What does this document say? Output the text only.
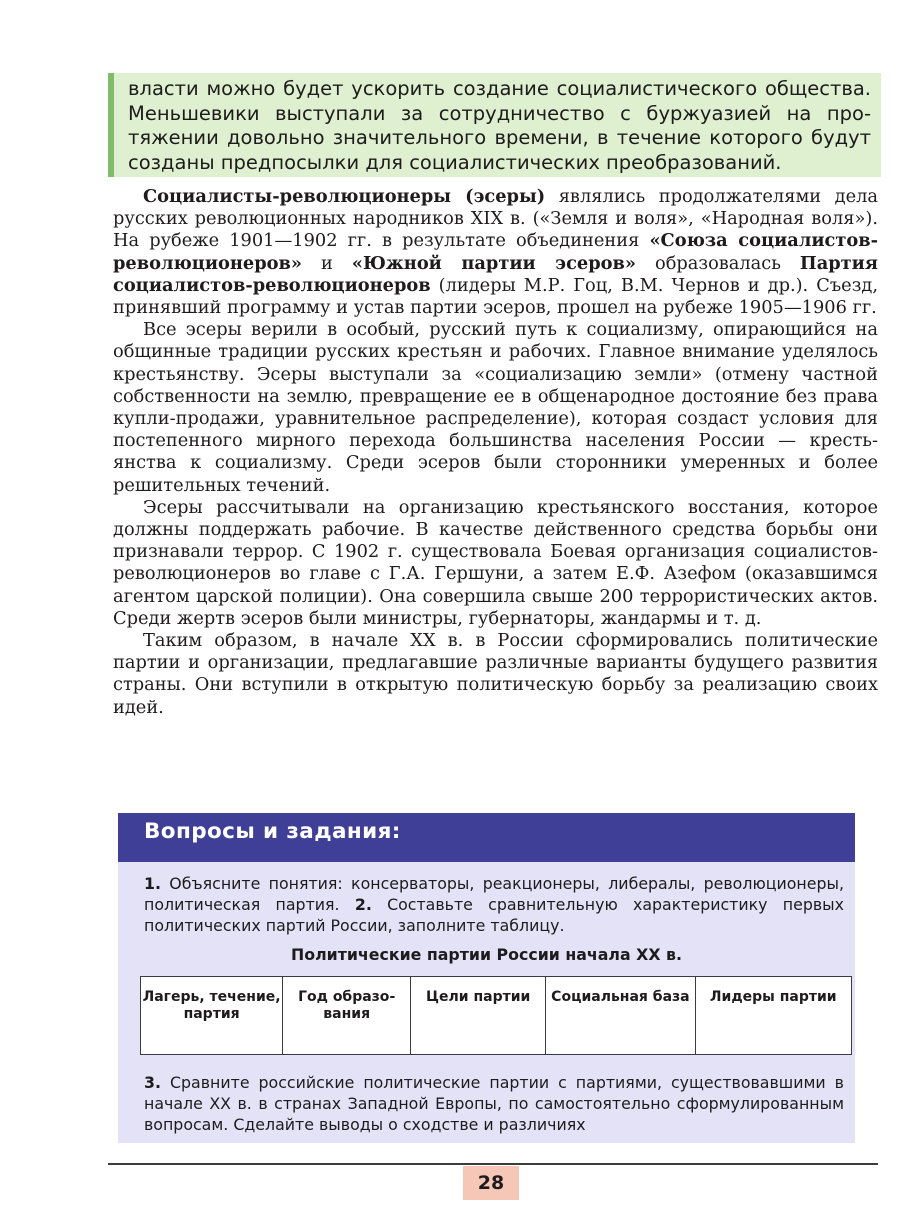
власти можно будет ускорить создание социалистического общества. Меньшевики выступали за сотрудничество с буржуазией на протяжении довольно значительного времени, в течение которого будут созданы предпосылки для социалистических преобразований.

Социалисты-революционеры (эсеры) являлись продолжателями дела русских революционных народников XIX в. («Земля и воля», «Народная воля»). На рубеже 1901—1902 гг. в результате объединения «Союза социалистов-революционеров» и «Южной партии эсеров» образовалась Партия социалистов-революционеров (лидеры М.Р. Гоц, В.М. Чернов и др.). Съезд, принявший программу и устав партии эсеров, прошел на рубеже 1905—1906 гг.

Все эсеры верили в особый, русский путь к социализму, опирающийся на общинные традиции русских крестьян и рабочих. Главное внимание уделялось крестьянству. Эсеры выступали за «социализацию земли» (отмену частной собственности на землю, превращение ее в общенародное достояние без права купли-продажи, уравнительное распределение), которая создаст условия для постепенного мирного перехода большинства населения России — крестьянства к социализму. Среди эсеров были сторонники умеренных и более решительных течений.

Эсеры рассчитывали на организацию крестьянского восстания, которое должны поддержать рабочие. В качестве действенного средства борьбы они признавали террор. С 1902 г. существовала Боевая организация социалистов-революционеров во главе с Г.А. Гершуни, а затем Е.Ф. Азефом (оказавшимся агентом царской полиции). Она совершила свыше 200 террористических актов. Среди жертв эсеров были министры, губернаторы, жандармы и т. д.

Таким образом, в начале XX в. в России сформировались политические партии и организации, предлагавшие различные варианты будущего развития страны. Они вступили в открытую политическую борьбу за реализацию своих идей.

Вопросы и задания:

1. Объясните понятия: консерваторы, реакционеры, либералы, революционеры, политическая партия. 2. Составьте сравнительную характеристику первых политических партий России, заполните таблицу.

Политические партии России начала XX в.
Лагерь, течение, партия	Год образования	Цели партии	Социальная база	Лидеры партии

3. Сравните российские политические партии с партиями, существовавшими в начале XX в. в странах Западной Европы, по самостоятельно сформулированным вопросам. Сделайте выводы о сходстве и различиях

28
